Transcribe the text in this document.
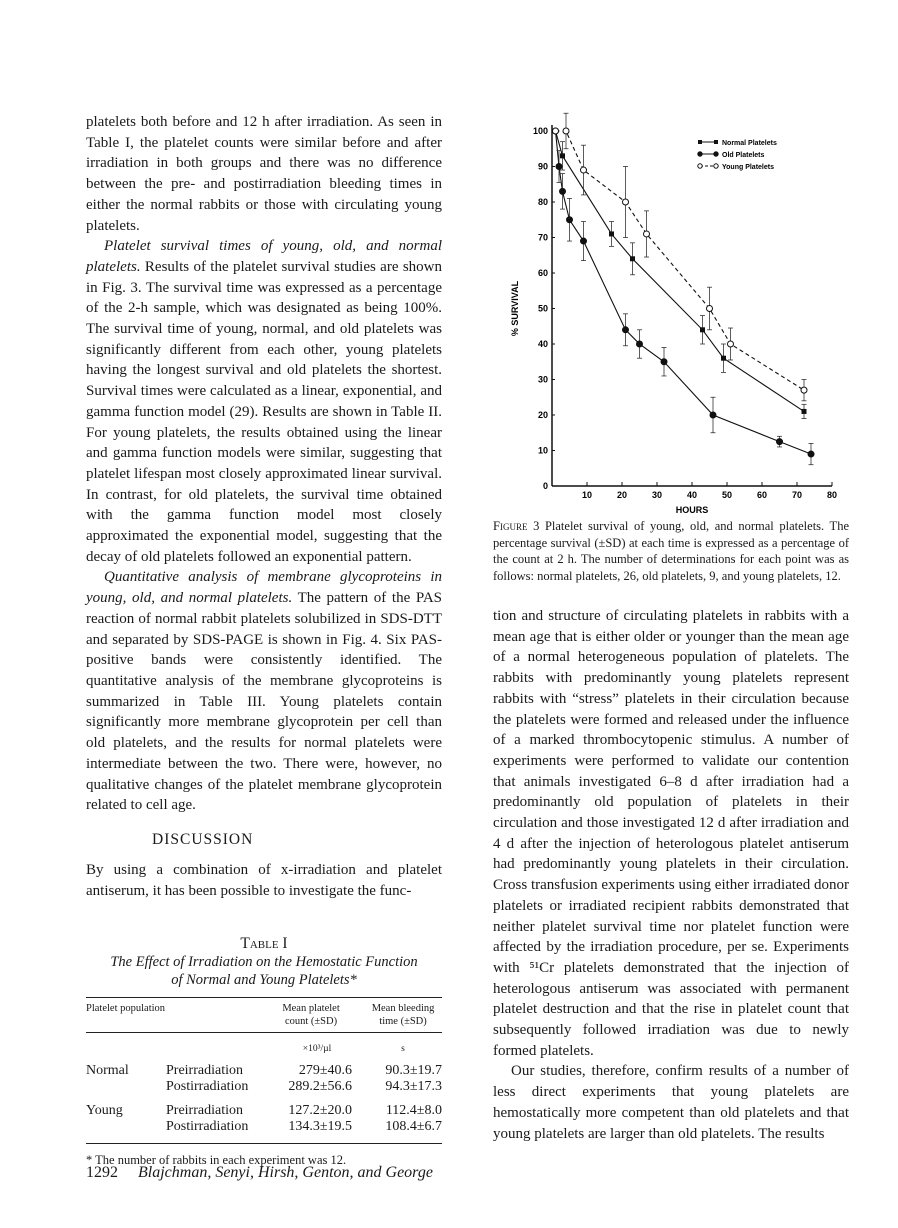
platelets both before and 12 h after irradiation. As seen in Table I, the platelet counts were similar before and after irradiation in both groups and there was no difference between the pre- and postirradiation bleeding times in either the normal rabbits or those with circulating young platelets.

Platelet survival times of young, old, and normal platelets. Results of the platelet survival studies are shown in Fig. 3. The survival time was expressed as a percentage of the 2-h sample, which was designated as being 100%. The survival time of young, normal, and old platelets was significantly different from each other, young platelets having the longest survival and old platelets the shortest. Survival times were calculated as a linear, exponential, and gamma function model (29). Results are shown in Table II. For young platelets, the results obtained using the linear and gamma function models were similar, suggesting that platelet lifespan most closely approximated linear survival. In contrast, for old platelets, the survival time obtained with the gamma function model most closely approximated the exponential model, suggesting that the decay of old platelets followed an exponential pattern.

Quantitative analysis of membrane glycoproteins in young, old, and normal platelets. The pattern of the PAS reaction of normal rabbit platelets solubilized in SDS-DTT and separated by SDS-PAGE is shown in Fig. 4. Six PAS-positive bands were consistently identified. The quantitative analysis of the membrane glycoproteins is summarized in Table III. Young platelets contain significantly more membrane glycoprotein per cell than old platelets, and the results for normal platelets were intermediate between the two. There were, however, no qualitative changes of the platelet membrane glycoprotein related to cell age.

DISCUSSION

By using a combination of x-irradiation and platelet antiserum, it has been possible to investigate the func-

Table I
The Effect of Irradiation on the Hemostatic Function
of Normal and Young Platelets*
Platelet population		Mean platelet count (±SD)	Mean bleeding time (±SD)
		×10³/µl	s
Normal	Preirradiation	279±40.6	90.3±19.7
	Postirradiation	289.2±56.6	94.3±17.3

Young	Preirradiation	127.2±20.0	112.4±8.0
	Postirradiation	134.3±19.5	108.4±6.7

* The number of rabbits in each experiment was 12.
10	20	30	40	50	60	70	80
0
10
20
30
40
50
60
70
80
90
100
HOURS
% SURVIVAL
Normal Platelets
Old Platelets
Young Platelets
Figure 3 Platelet survival of young, old, and normal platelets. The percentage survival (±SD) at each time is expressed as a percentage of the count at 2 h. The number of determinations for each point was as follows: normal platelets, 26, old platelets, 9, and young platelets, 12.

tion and structure of circulating platelets in rabbits with a mean age that is either older or younger than the mean age of a normal heterogeneous population of platelets. The rabbits with predominantly young platelets represent rabbits with “stress” platelets in their circulation because the platelets were formed and released under the influence of a marked thrombocytopenic stimulus. A number of experiments were performed to validate our contention that animals investigated 6–8 d after irradiation had a predominantly old population of platelets in their circulation and those investigated 12 d after irradiation and 4 d after the injection of heterologous platelet antiserum had predominantly young platelets in their circulation. Cross transfusion experiments using either irradiated donor platelets or irradiated recipient rabbits demonstrated that neither platelet survival time nor platelet function were affected by the irradiation procedure, per se. Experiments with ⁵¹Cr platelets demonstrated that the injection of heterologous antiserum was associated with permanent platelet destruction and that the rise in platelet count that subsequently followed irradiation was due to newly formed platelets.

Our studies, therefore, confirm results of a number of less direct experiments that young platelets are hemostatically more competent than old platelets and that young platelets are larger than old platelets. The results

1292 Blajchman, Senyi, Hirsh, Genton, and George
